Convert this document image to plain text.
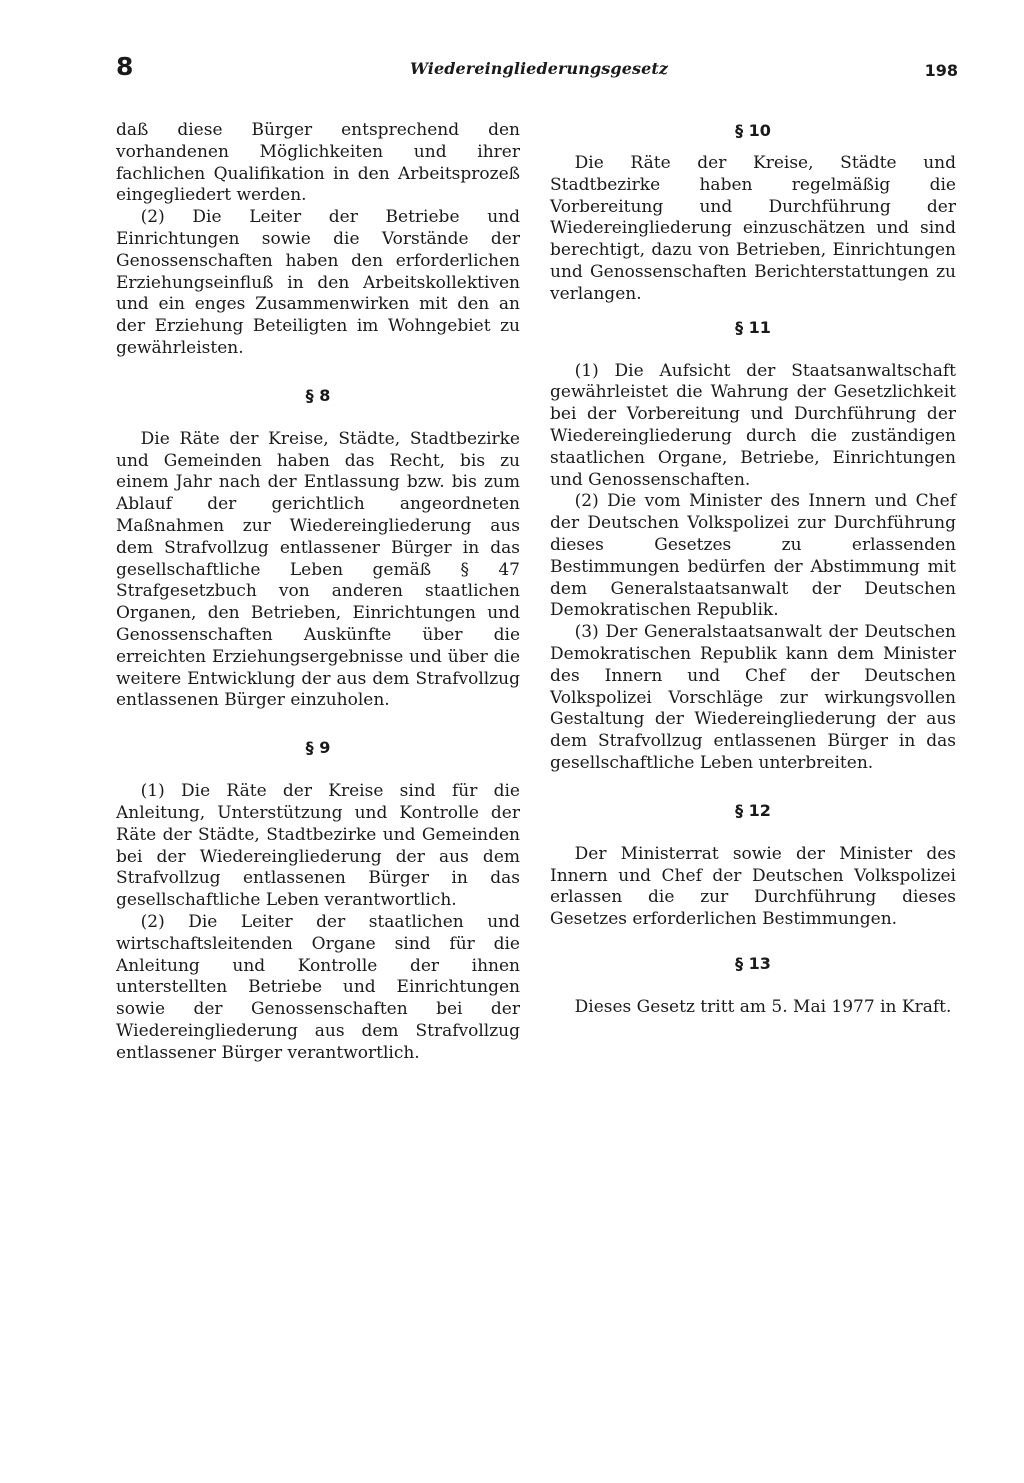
8	Wiedereingliederungsgesetz	198

daß diese Bürger entsprechend den vorhandenen Möglichkeiten und ihrer fachlichen Qualifikation in den Arbeitsprozeß eingegliedert werden.

(2) Die Leiter der Betriebe und Einrichtungen sowie die Vorstände der Genossenschaften haben den erforderlichen Erziehungseinfluß in den Arbeitskollektiven und ein enges Zusammenwirken mit den an der Erziehung Beteiligten im Wohngebiet zu gewährleisten.

§ 8

Die Räte der Kreise, Städte, Stadtbezirke und Gemeinden haben das Recht, bis zu einem Jahr nach der Entlassung bzw. bis zum Ablauf der gerichtlich angeordneten Maßnahmen zur Wiedereingliederung aus dem Strafvollzug entlassener Bürger in das gesellschaftliche Leben gemäß § 47 Strafgesetzbuch von anderen staatlichen Organen, den Betrieben, Einrichtungen und Genossenschaften Auskünfte über die erreichten Erziehungsergebnisse und über die weitere Entwicklung der aus dem Strafvollzug entlassenen Bürger einzuholen.

§ 9

(1) Die Räte der Kreise sind für die Anleitung, Unterstützung und Kontrolle der Räte der Städte, Stadtbezirke und Gemeinden bei der Wiedereingliederung der aus dem Strafvollzug entlassenen Bürger in das gesellschaftliche Leben verantwortlich.

(2) Die Leiter der staatlichen und wirtschaftsleitenden Organe sind für die Anleitung und Kontrolle der ihnen unterstellten Betriebe und Einrichtungen sowie der Genossenschaften bei der Wiedereingliederung aus dem Strafvollzug entlassener Bürger verantwortlich.

§ 10

Die Räte der Kreise, Städte und Stadtbezirke haben regelmäßig die Vorbereitung und Durchführung der Wiedereingliederung einzuschätzen und sind berechtigt, dazu von Betrieben, Einrichtungen und Genossenschaften Berichterstattungen zu verlangen.

§ 11

(1) Die Aufsicht der Staatsanwaltschaft gewährleistet die Wahrung der Gesetzlichkeit bei der Vorbereitung und Durchführung der Wiedereingliederung durch die zuständigen staatlichen Organe, Betriebe, Einrichtungen und Genossenschaften.

(2) Die vom Minister des Innern und Chef der Deutschen Volkspolizei zur Durchführung dieses Gesetzes zu erlassenden Bestimmungen bedürfen der Abstimmung mit dem Generalstaatsanwalt der Deutschen Demokratischen Republik.

(3) Der Generalstaatsanwalt der Deutschen Demokratischen Republik kann dem Minister des Innern und Chef der Deutschen Volkspolizei Vorschläge zur wirkungsvollen Gestaltung der Wiedereingliederung der aus dem Strafvollzug entlassenen Bürger in das gesellschaftliche Leben unterbreiten.

§ 12

Der Ministerrat sowie der Minister des Innern und Chef der Deutschen Volkspolizei erlassen die zur Durchführung dieses Gesetzes erforderlichen Bestimmungen.

§ 13

Dieses Gesetz tritt am 5. Mai 1977 in Kraft.
